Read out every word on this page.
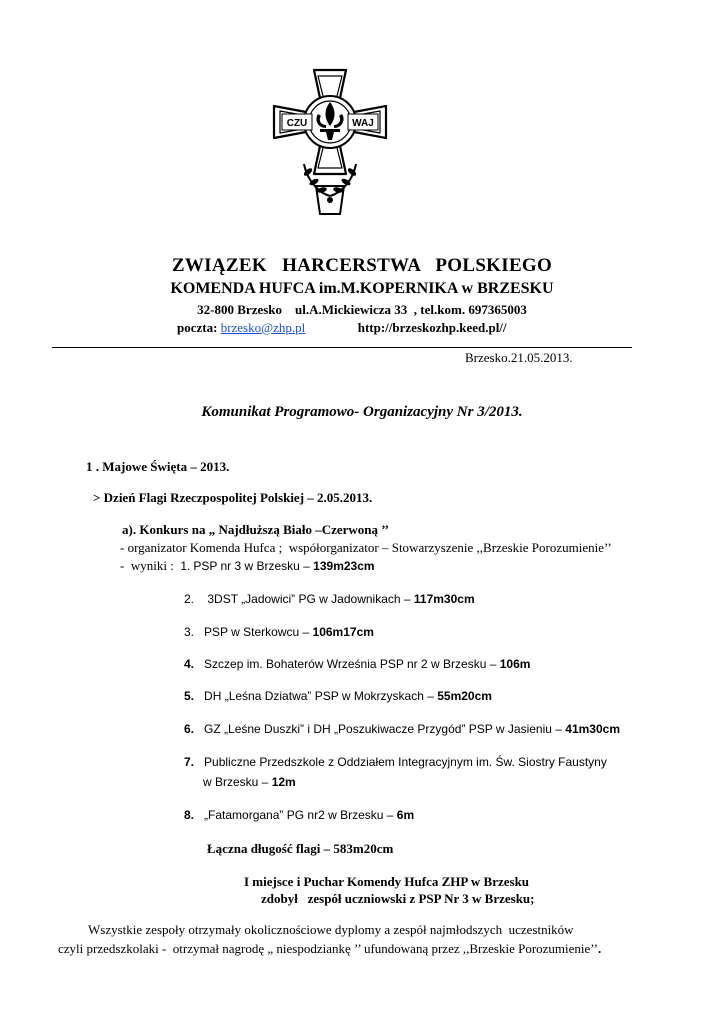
CZU	WAJ
ZWIĄZEK   HARCERSTWA   POLSKIEGO
KOMENDA HUFCA im.M.KOPERNIKA w BRZESKU
32-800 Brzesko    ul.A.Mickiewicza 33  , tel.kom. 697365003
poczta: brzesko@zhp.pl	http://brzeskozhp.keed.pl//
Brzesko.21.05.2013.
Komunikat Programowo- Organizacyjny Nr 3/2013.
1 . Majowe Święta – 2013.
> Dzień Flagi Rzeczpospolitej Polskiej – 2.05.2013.
a). Konkurs na „ Najdłuższą Biało –Czerwoną ’’
- organizator Komenda Hufca ;  współorganizator – Stowarzyszenie ,,Brzeskie Porozumienie’’
-  wyniki :  1. PSP nr 3 w Brzesku – 139m23cm
2. 3DST „Jadowici” PG w Jadownikach – 117m30cm
3. PSP w Sterkowcu – 106m17cm
4. Szczep im. Bohaterów Września PSP nr 2 w Brzesku – 106m
5. DH „Leśna Dziatwa” PSP w Mokrzyskach – 55m20cm
6. GZ „Leśne Duszki” i DH „Poszukiwacze Przygód” PSP w Jasieniu – 41m30cm
7. Publiczne Przedszkole z Oddziałem Integracyjnym im. Św. Siostry Faustyny
w Brzesku – 12m
8. „Fatamorgana” PG nr2 w Brzesku – 6m
Łączna długość flagi – 583m20cm
I miejsce i Puchar Komendy Hufca ZHP w Brzesku
zdobył   zespół uczniowski z PSP Nr 3 w Brzesku;
Wszystkie zespoły otrzymały okolicznościowe dyplomy a zespół najmłodszych  uczestników
czyli przedszkolaki -  otrzymał nagrodę „ niespodziankę ’’ ufundowaną przez ,,Brzeskie Porozumienie’’.
